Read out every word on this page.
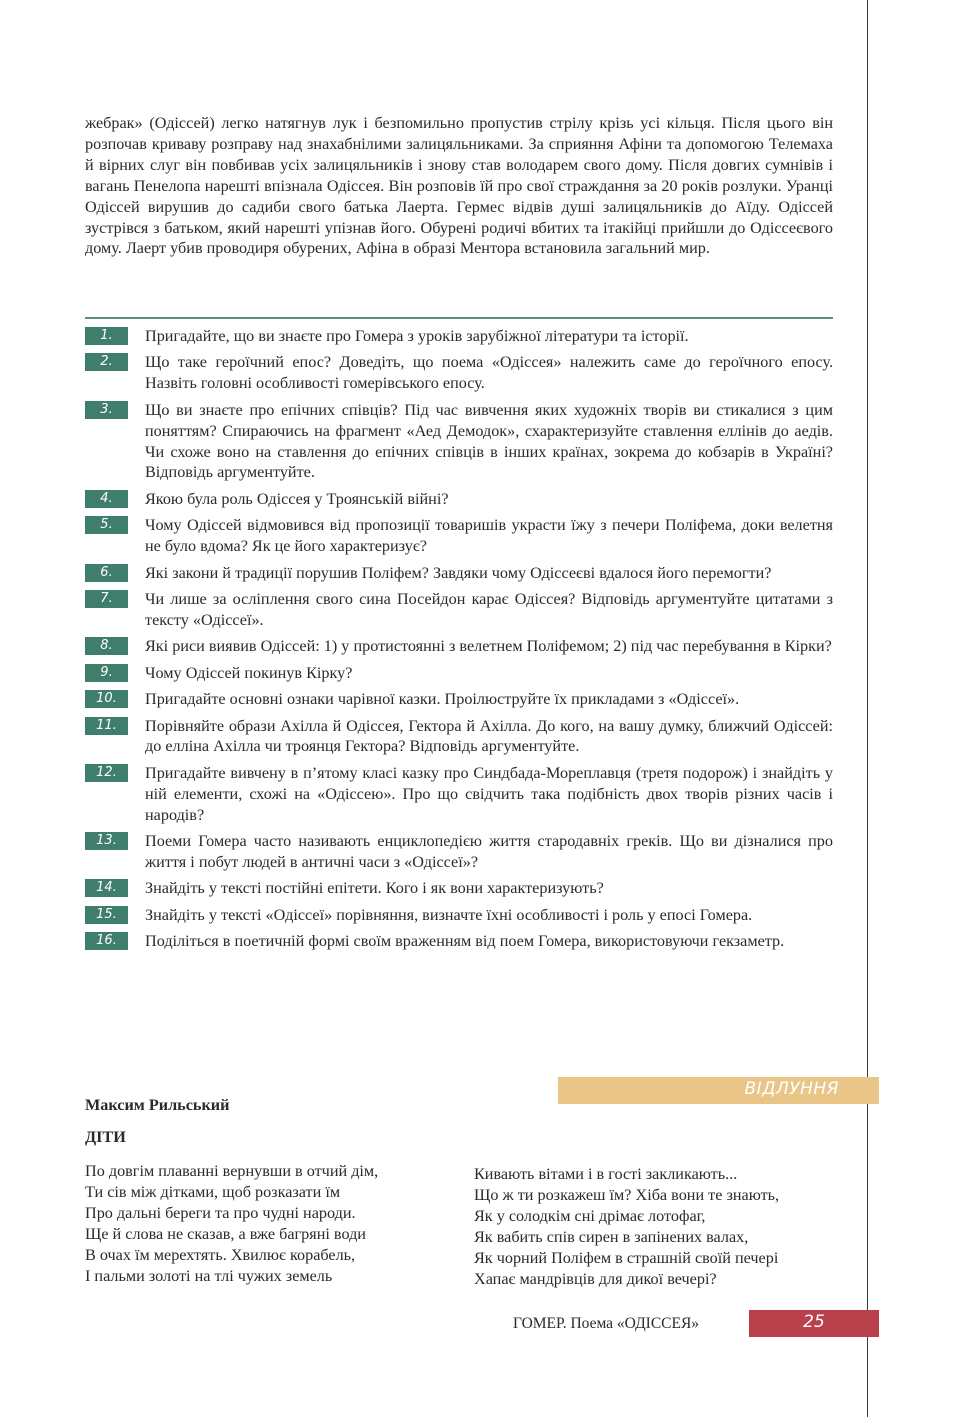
жебрак» (Одіссей) легко натягнув лук і безпомильно пропустив стрілу крізь усі кільця. Після цього він розпочав криваву розправу над знахабнілими залицяльниками. За сприяння Афіни та допомогою Телемаха й вірних слуг він повбивав усіх залицяльників і знову став володарем свого дому. Після довгих сумнівів і вагань Пенелопа нарешті впізнала Одіссея. Він розповів їй про свої страждання за 20 років розлуки. Уранці Одіссей вирушив до садиби свого батька Лаерта. Гермес відвів душі залицяльників до Аїду. Одіссей зустрівся з батьком, який нарешті упізнав його. Обурені родичі вбитих та ітакійці прийшли до Одіссеєвого дому. Лаерт убив проводиря обурених, Афіна в образі Ментора встановила загальний мир.

1.	Пригадайте, що ви знаєте про Гомера з уроків зарубіжної літератури та історії.
2.	Що таке героїчний епос? Доведіть, що поема «Одіссея» належить саме до героїчного епосу. Назвіть головні особливості гомерівського епосу.
3.	Що ви знаєте про епічних співців? Під час вивчення яких художніх творів ви стикалися з цим поняттям? Спираючись на фрагмент «Аед Демодок», схарактеризуйте ставлення еллінів до аедів. Чи схоже воно на ставлення до епічних співців в інших країнах, зокрема до кобзарів в Україні? Відповідь аргументуйте.
4.	Якою була роль Одіссея у Троянській війні?
5.	Чому Одіссей відмовився від пропозиції товаришів украсти їжу з печери Поліфема, доки велетня не було вдома? Як це його характеризує?
6.	Які закони й традиції порушив Поліфем? Завдяки чому Одіссеєві вдалося його перемогти?
7.	Чи лише за осліплення свого сина Посейдон карає Одіссея? Відповідь аргументуйте цитатами з тексту «Одіссеї».
8.	Які риси виявив Одіссей: 1) у протистоянні з велетнем Поліфемом; 2) під час перебування в Кірки?
9.	Чому Одіссей покинув Кірку?
10.	Пригадайте основні ознаки чарівної казки. Проілюструйте їх прикладами з «Одіссеї».
11.	Порівняйте образи Ахілла й Одіссея, Гектора й Ахілла. До кого, на вашу думку, ближчий Одіссей: до еллінa Ахілла чи троянця Гектора? Відповідь аргументуйте.
12.	Пригадайте вивчену в п’ятому класі казку про Синдбада-Мореплавця (третя подорож) і знайдіть у ній елементи, схожі на «Одіссею». Про що свідчить така подібність двох творів різних часів і народів?
13.	Поеми Гомера часто називають енциклопедією життя стародавніх греків. Що ви дізналися про життя і побут людей в античні часи з «Одіссеї»?
14.	Знайдіть у тексті постійні епітети. Кого і як вони характеризують?
15.	Знайдіть у тексті «Одіссеї» порівняння, визначте їхні особливості і роль у епосі Гомера.
16.	Поділіться в поетичній формі своїм враженням від поем Гомера, використовуючи гекзаметр.
ВІДЛУННЯ

Максим Рильський

ДІТИ

По довгім плаванні вернувши в отчий дім,
Ти сів між дітками, щоб розказати їм
Про дальні береги та про чудні народи.
Ще й слова не сказав, а вже багряні води
В очах їм мерехтять. Хвилює корабель,
І пальми золоті на тлі чужих земель
Кивають вітами і в гості закликають...
Що ж ти розкажеш їм? Хіба вони те знають,
Як у солодкім сні дрімає лотофаг,
Як вабить спів сирен в запінених валах,
Як чорний Поліфем в страшній своїй печері
Хапає мандрівців для дикої вечері?
ГОМЕР. Поема «ОДІССЕЯ»	25
